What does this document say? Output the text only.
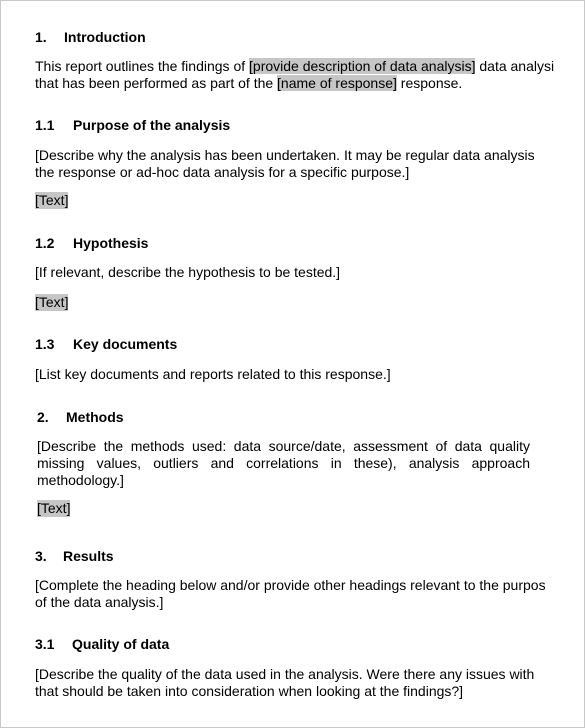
1. Introduction
This report outlines the findings of [provide description of data analysis] data analysi
that has been performed as part of the [name of response] response.
1.1 Purpose of the analysis
[Describe why the analysis has been undertaken. It may be regular data analysis
the response or ad-hoc data analysis for a specific purpose.]
[Text]
1.2 Hypothesis
[If relevant, describe the hypothesis to be tested.]
[Text]
1.3 Key documents
[List key documents and reports related to this response.]
2. Methods
[Describe the methods used: data source/date, assessment of data quality missing values, outliers and correlations in these), analysis approach methodology.]
[Text]
3. Results
[Complete the heading below and/or provide other headings relevant to the purpos
of the data analysis.]
3.1 Quality of data
[Describe the quality of the data used in the analysis. Were there any issues with
that should be taken into consideration when looking at the findings?]
